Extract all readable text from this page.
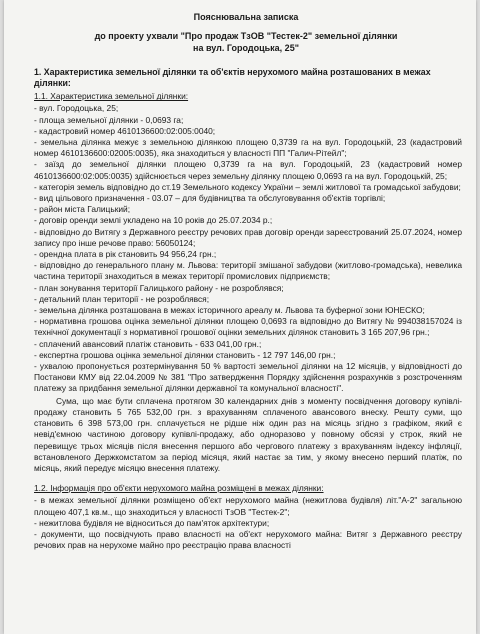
Пояснювальна записка
до проекту ухвали "Про продаж ТзОВ "Тестек-2" земельної ділянки
на вул. Городоцька, 25"
1. Характеристика земельної ділянки та об'єктів нерухомого майна розташованих в межах ділянки:
1.1. Характеристика земельної ділянки:
- вул. Городоцька, 25;
- площа земельної ділянки - 0,0693 га;
- кадастровий номер 4610136600:02:005:0040;
- земельна ділянка межує з земельною ділянкою площею 0,3739 га на вул. Городоцькій, 23 (кадастровий номер 4610136600:02005:0035), яка знаходиться у власності ПП "Галич-Рітейл";
- заїзд до земельної ділянки площею 0,3739 га на вул. Городоцькій, 23 (кадастровий номер 4610136600:02:005:0035) здійснюється через земельну ділянку площею 0,0693 га на вул. Городоцькій, 25;
- категорія земель відповідно до ст.19 Земельного кодексу України – землі житлової та громадської забудови;
- вид цільового призначення - 03.07 – для будівництва та обслуговування об'єктів торгівлі;
- район міста Галицький;
- договір оренди землі укладено на 10 років до 25.07.2034 р.;
- відповідно до Витягу з Державного реєстру речових прав договір оренди зареєстрований 25.07.2024, номер запису про інше речове право: 56050124;
- орендна плата в рік становить 94 956,24 грн.;
- відповідно до генерального плану м. Львова: території змішаної забудови (житлово-громадська), невелика частина території знаходиться в межах території промислових підприємств;
- план зонування території Галицького району - не розроблявся;
- детальний план території - не розроблявся;
- земельна ділянка розташована в межах історичного ареалу м. Львова та буферної зони ЮНЕСКО;
- нормативна грошова оцінка земельної ділянки площею 0,0693 га відповідно до Витягу № 994038157024 із технічної документації з нормативної грошової оцінки земельних ділянок становить 3 165 207,96 грн.;
- сплачений авансовий платіж становить - 633 041,00 грн.;
- експертна грошова оцінка земельної ділянки становить - 12 797 146,00 грн.;
- ухвалою пропонується розтермінування 50 % вартості земельної ділянки на 12 місяців, у відповідності до Постанови КМУ від 22.04.2009 № 381 "Про затвердження Порядку здійснення розрахунків з розстроченням платежу за придбання земельної ділянки державної та комунальної власності".
Сума, що має бути сплачена протягом 30 календарних днів з моменту посвідчення договору купівлі-продажу становить 5 765 532,00 грн. з врахуванням сплаченого авансового внеску. Решту суми, що становить 6 398 573,00 грн. сплачується не рідше ніж один раз на місяць згідно з графіком, який є невід'ємною частиною договору купівлі-продажу, або одноразово у повному обсязі у строк, який не перевищує трьох місяців після внесення першого або чергового платежу з врахуванням індексу інфляції, встановленого Держкомстатом за період місяця, який настає за тим, у якому внесено перший платіж, по місяць, який передує місяцю внесення платежу.
1.2. Інформація про об'єкти нерухомого майна розміщені в межах ділянки:
- в межах земельної ділянки розміщено об'єкт нерухомого майна (нежитлова будівля) літ."А-2" загальною площею 407,1 кв.м., що знаходиться у власності ТзОВ "Тестек-2";
- нежитлова будівля не відноситься до пам'яток архітектури;
- документи, що посвідчують право власності на об'єкт нерухомого майна: Витяг з Державного реєстру речових прав на нерухоме майно про реєстрацію права власності
